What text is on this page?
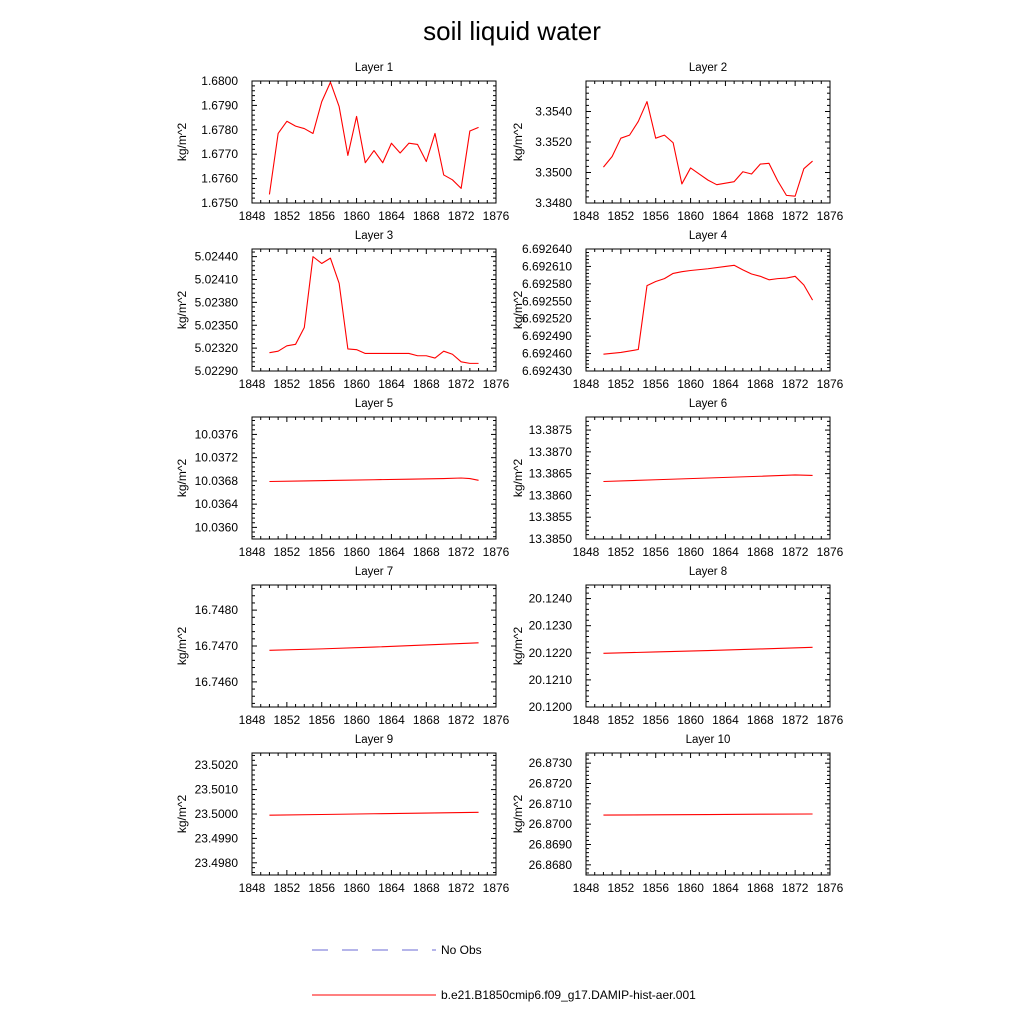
soil liquid water
Layer 1
1848 1852 1856 1860 1864 1868 1872 1876
1.6750
1.6760
1.6770
1.6780
1.6790
1.6800
kg/m^2
Layer 2
1848 1852 1856 1860 1864 1868 1872 1876
3.3480
3.3500
3.3520
3.3540
kg/m^2
Layer 3
1848 1852 1856 1860 1864 1868 1872 1876
5.02290
5.02320
5.02350
5.02380
5.02410
5.02440
kg/m^2
Layer 4
1848 1852 1856 1860 1864 1868 1872 1876
6.692430
6.692460
6.692490
6.692520
6.692550
6.692580
6.692610
6.692640
kg/m^2
Layer 5
1848 1852 1856 1860 1864 1868 1872 1876
10.0360
10.0364
10.0368
10.0372
10.0376
kg/m^2
Layer 6
1848 1852 1856 1860 1864 1868 1872 1876
13.3850
13.3855
13.3860
13.3865
13.3870
13.3875
kg/m^2
Layer 7
1848 1852 1856 1860 1864 1868 1872 1876
16.7460
16.7470
16.7480
kg/m^2
Layer 8
1848 1852 1856 1860 1864 1868 1872 1876
20.1200
20.1210
20.1220
20.1230
20.1240
kg/m^2
Layer 9
1848 1852 1856 1860 1864 1868 1872 1876
23.4980
23.4990
23.5000
23.5010
23.5020
kg/m^2
Layer 10
1848 1852 1856 1860 1864 1868 1872 1876
26.8680
26.8690
26.8700
26.8710
26.8720
26.8730
kg/m^2
No Obs
b.e21.B1850cmip6.f09_g17.DAMIP-hist-aer.001
